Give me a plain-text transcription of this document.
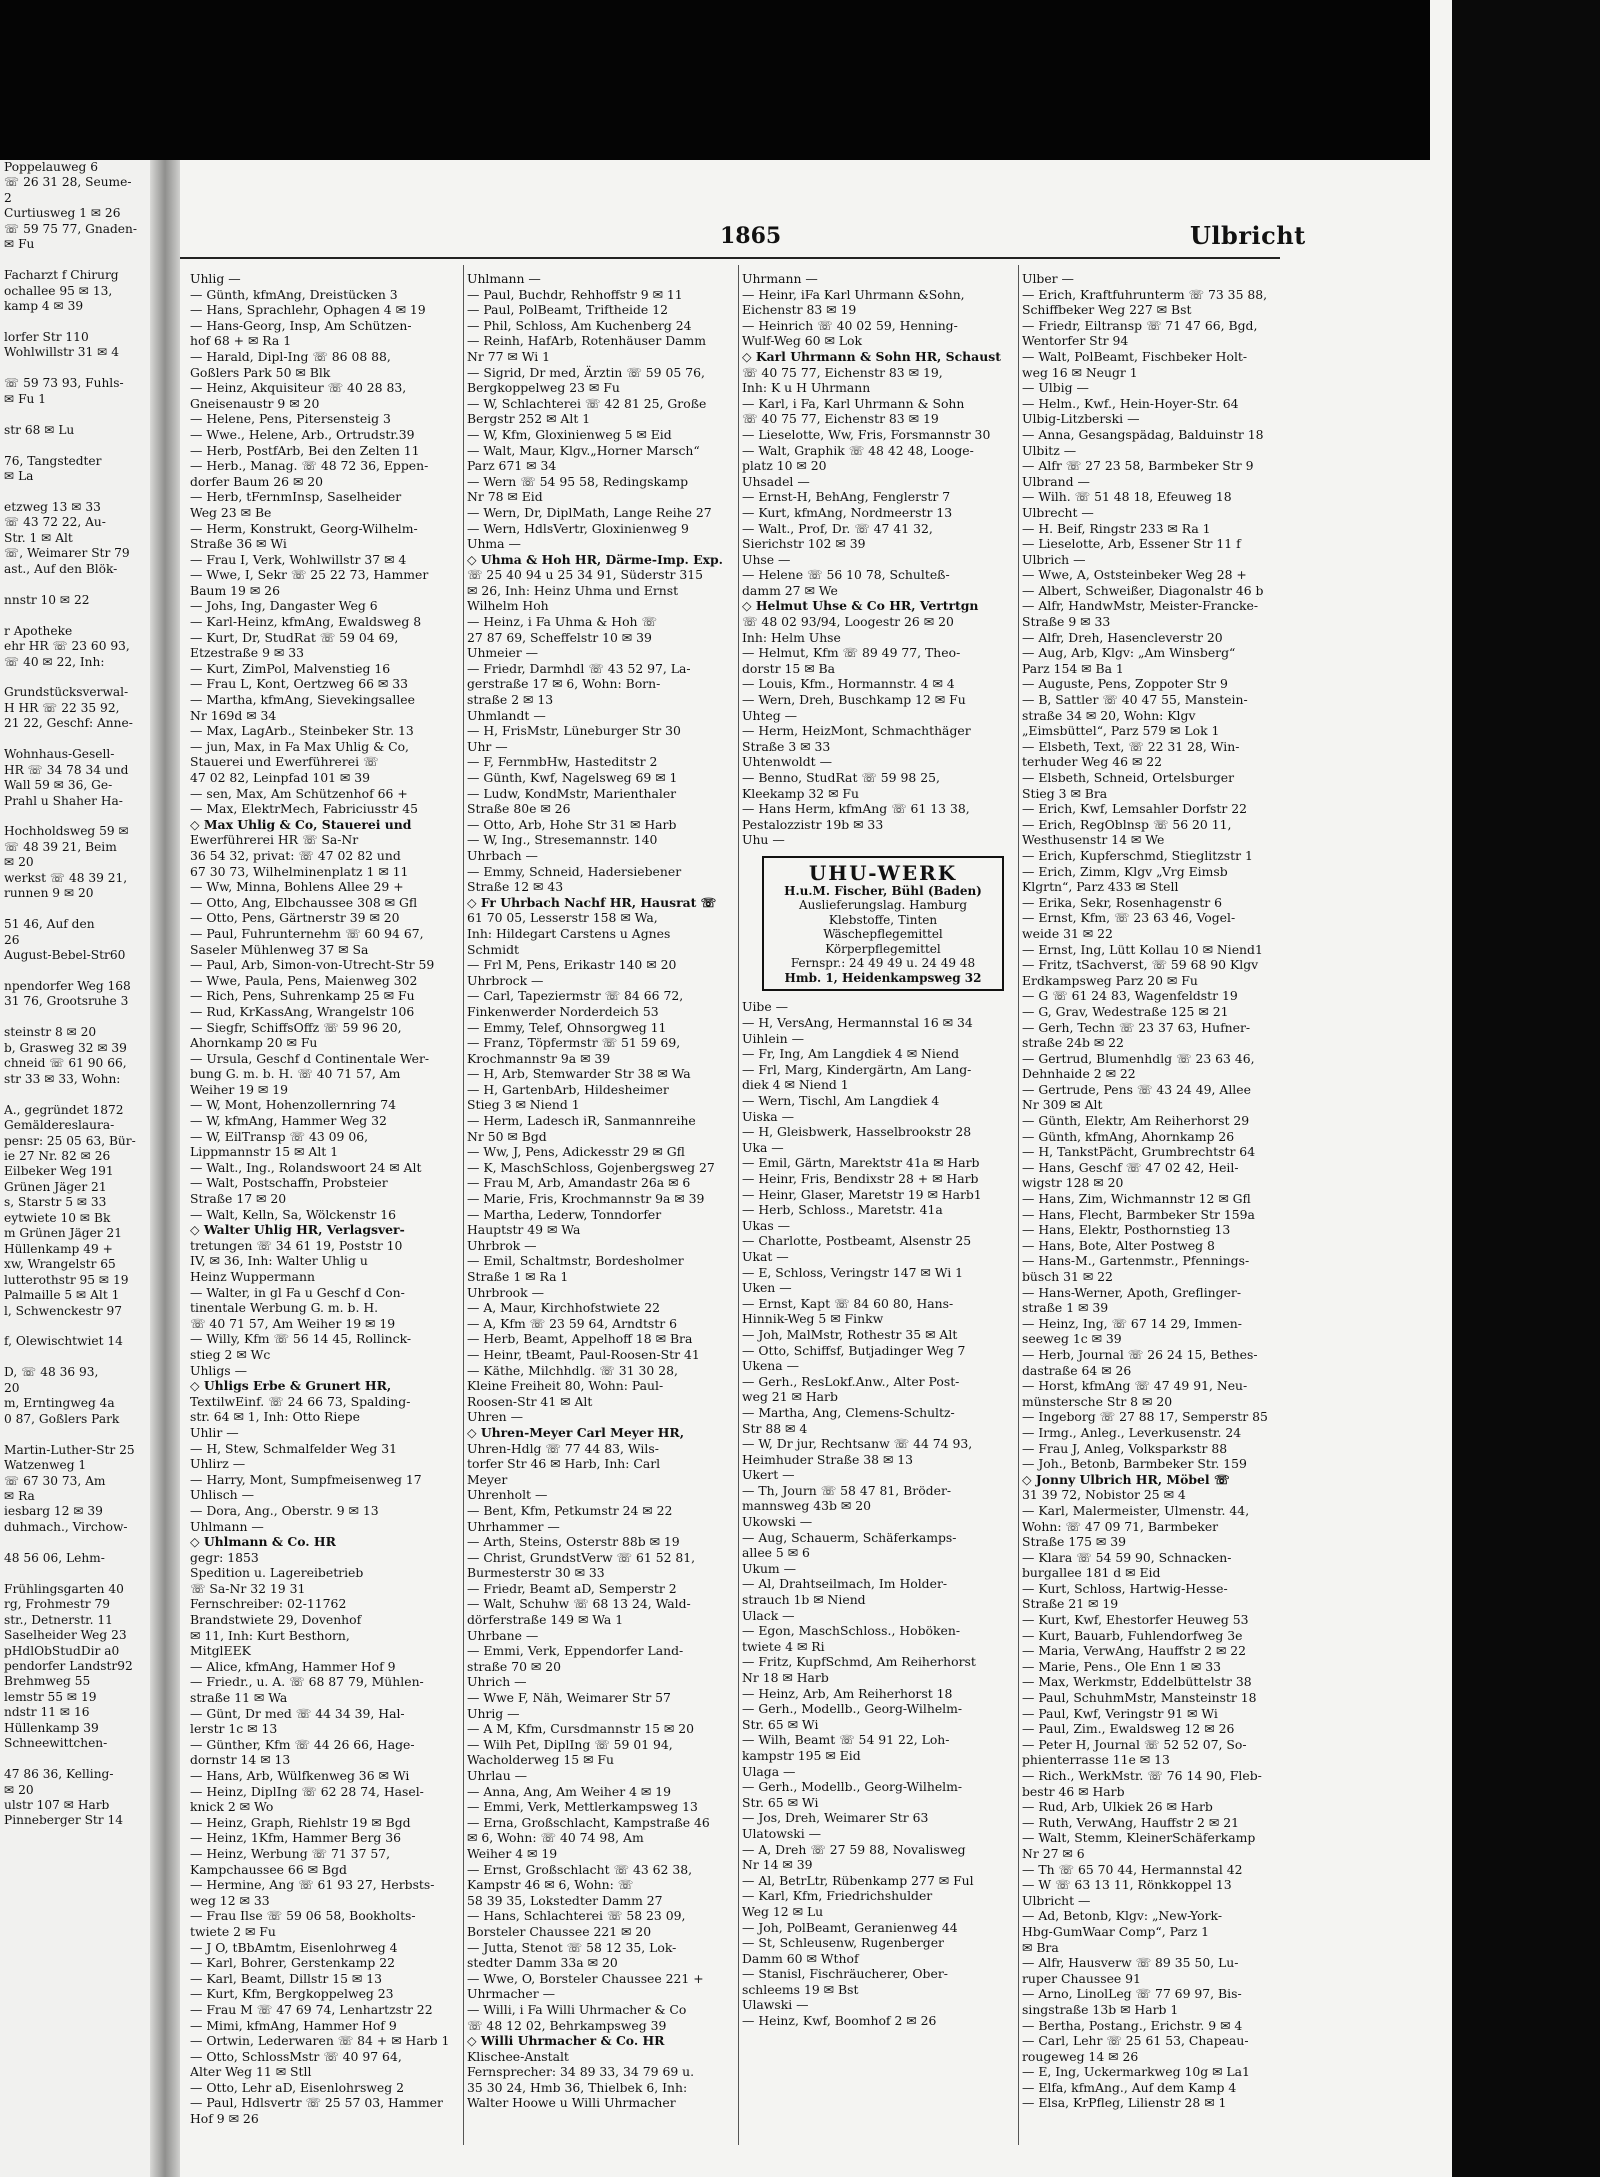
Poppelauweg 6
☏ 26 31 28, Seume-
2
Curtiusweg 1 ✉ 26
☏ 59 75 77, Gnaden-
✉ Fu

Facharzt f Chirurg
ochallee 95 ✉ 13,
kamp 4 ✉ 39

lorfer Str 110
Wohlwillstr 31 ✉ 4

☏ 59 73 93, Fuhls-
✉ Fu 1

str 68 ✉ Lu

76, Tangstedter
✉ La

etzweg 13 ✉ 33
☏ 43 72 22, Au-
Str. 1 ✉ Alt
☏, Weimarer Str 79
ast., Auf den Blök-

nnstr 10 ✉ 22

r Apotheke
ehr HR ☏ 23 60 93,
☏ 40 ✉ 22, Inh:

Grundstücksverwal-
H HR ☏ 22 35 92,
21 22, Geschf: Anne-

Wohnhaus-Gesell-
HR ☏ 34 78 34 und
Wall 59 ✉ 36, Ge-
Prahl u Shaher Ha-

Hochholdsweg 59 ✉
☏ 48 39 21, Beim
✉ 20
werkst ☏ 48 39 21,
runnen 9 ✉ 20

51 46, Auf den
26
August-Bebel-Str60

npendorfer Weg 168
31 76, Grootsruhe 3

steinstr 8 ✉ 20
b, Grasweg 32 ✉ 39
chneid ☏ 61 90 66,
str 33 ✉ 33, Wohn:

A., gegründet 1872
Gemäldereslaura-
pensr: 25 05 63, Bür-
ie 27 Nr. 82 ✉ 26
Eilbeker Weg 191
Grünen Jäger 21
s, Starstr 5 ✉ 33
eytwiete 10 ✉ Bk
m Grünen Jäger 21
Hüllenkamp 49 +
xw, Wrangelstr 65
lutterothstr 95 ✉ 19
Palmaille 5 ✉ Alt 1
l, Schwenckestr 97

f, Olewischtwiet 14

D, ☏ 48 36 93,
20
m, Erntingweg 4a
0 87, Goßlers Park

Martin-Luther-Str 25
Watzenweg 1
☏ 67 30 73, Am
✉ Ra
iesbarg 12 ✉ 39
duhmach., Virchow-

48 56 06, Lehm-

Frühlingsgarten 40
rg, Frohmestr 79
str., Detnerstr. 11
Saselheider Weg 23
pHdlObStudDir a0
pendorfer Landstr92
Brehmweg 55
lemstr 55 ✉ 19
ndstr 11 ✉ 16
Hüllenkamp 39
Schneewittchen-

47 86 36, Kelling-
✉ 20
ulstr 107 ✉ Harb
Pinneberger Str 14
1865	Ulbricht
Uhlig —
— Günth, kfmAng, Dreistücken 3
— Hans, Sprachlehr, Ophagen 4 ✉ 19
— Hans-Georg, Insp, Am Schützen-
hof 68 + ✉ Ra 1
— Harald, Dipl-Ing ☏ 86 08 88,
Goßlers Park 50 ✉ Blk
— Heinz, Akquisiteur ☏ 40 28 83,
Gneisenaustr 9 ✉ 20
— Helene, Pens, Pitersensteig 3
— Wwe., Helene, Arb., Ortrudstr.39
— Herb, PostfArb, Bei den Zelten 11
— Herb., Manag. ☏ 48 72 36, Eppen-
dorfer Baum 26 ✉ 20
— Herb, tFernmInsp, Saselheider
Weg 23 ✉ Be
— Herm, Konstrukt, Georg-Wilhelm-
Straße 36 ✉ Wi
— Frau I, Verk, Wohlwillstr 37 ✉ 4
— Wwe, I, Sekr ☏ 25 22 73, Hammer
Baum 19 ✉ 26
— Johs, Ing, Dangaster Weg 6
— Karl-Heinz, kfmAng, Ewaldsweg 8
— Kurt, Dr, StudRat ☏ 59 04 69,
Etzestraße 9 ✉ 33
— Kurt, ZimPol, Malvenstieg 16
— Frau L, Kont, Oertzweg 66 ✉ 33
— Martha, kfmAng, Sievekingsallee
Nr 169d ✉ 34
— Max, LagArb., Steinbeker Str. 13
— jun, Max, in Fa Max Uhlig & Co,
Stauerei und Ewerführerei ☏
47 02 82, Leinpfad 101 ✉ 39
— sen, Max, Am Schützenhof 66 +
— Max, ElektrMech, Fabriciusstr 45
◇ Max Uhlig & Co, Stauerei und
Ewerführerei HR ☏ Sa-Nr
36 54 32, privat: ☏ 47 02 82 und
67 30 73, Wilhelminenplatz 1 ✉ 11
— Ww, Minna, Bohlens Allee 29 +
— Otto, Ang, Elbchaussee 308 ✉ Gfl
— Otto, Pens, Gärtnerstr 39 ✉ 20
— Paul, Fuhrunternehm ☏ 60 94 67,
Saseler Mühlenweg 37 ✉ Sa
— Paul, Arb, Simon-von-Utrecht-Str 59
— Wwe, Paula, Pens, Maienweg 302
— Rich, Pens, Suhrenkamp 25 ✉ Fu
— Rud, KrKassAng, Wrangelstr 106
— Siegfr, SchiffsOffz ☏ 59 96 20,
Ahornkamp 20 ✉ Fu
— Ursula, Geschf d Continentale Wer-
bung G. m. b. H. ☏ 40 71 57, Am
Weiher 19 ✉ 19
— W, Mont, Hohenzollernring 74
— W, kfmAng, Hammer Weg 32
— W, EilTransp ☏ 43 09 06,
Lippmannstr 15 ✉ Alt 1
— Walt., Ing., Rolandswoort 24 ✉ Alt
— Walt, Postschaffn, Probsteier
Straße 17 ✉ 20
— Walt, Kelln, Sa, Wölckenstr 16
◇ Walter Uhlig HR, Verlagsver-
tretungen ☏ 34 61 19, Poststr 10
IV, ✉ 36, Inh: Walter Uhlig u
Heinz Wuppermann
— Walter, in gl Fa u Geschf d Con-
tinentale Werbung G. m. b. H.
☏ 40 71 57, Am Weiher 19 ✉ 19
— Willy, Kfm ☏ 56 14 45, Rollinck-
stieg 2 ✉ Wc
Uhligs —
◇ Uhligs Erbe & Grunert HR,
TextilwEinf. ☏ 24 66 73, Spalding-
str. 64 ✉ 1, Inh: Otto Riepe
Uhlir —
— H, Stew, Schmalfelder Weg 31
Uhlirz —
— Harry, Mont, Sumpfmeisenweg 17
Uhlisch —
— Dora, Ang., Oberstr. 9 ✉ 13
Uhlmann —
◇ Uhlmann & Co. HR
gegr: 1853
Spedition u. Lagereibetrieb
☏ Sa-Nr 32 19 31
Fernschreiber: 02-11762
Brandstwiete 29, Dovenhof
✉ 11, Inh: Kurt Besthorn,
MitglEEK
— Alice, kfmAng, Hammer Hof 9
— Friedr., u. A. ☏ 68 87 79, Mühlen-
straße 11 ✉ Wa
— Günt, Dr med ☏ 44 34 39, Hal-
lerstr 1c ✉ 13
— Günther, Kfm ☏ 44 26 66, Hage-
dornstr 14 ✉ 13
— Hans, Arb, Wülfkenweg 36 ✉ Wi
— Heinz, DiplIng ☏ 62 28 74, Hasel-
knick 2 ✉ Wo
— Heinz, Graph, Riehlstr 19 ✉ Bgd
— Heinz, 1Kfm, Hammer Berg 36
— Heinz, Werbung ☏ 71 37 57,
Kampchaussee 66 ✉ Bgd
— Hermine, Ang ☏ 61 93 27, Herbsts-
weg 12 ✉ 33
— Frau Ilse ☏ 59 06 58, Bookholts-
twiete 2 ✉ Fu
— J O, tBbAmtm, Eisenlohrweg 4
— Karl, Bohrer, Gerstenkamp 22
— Karl, Beamt, Dillstr 15 ✉ 13
— Kurt, Kfm, Bergkoppelweg 23
— Frau M ☏ 47 69 74, Lenhartzstr 22
— Mimi, kfmAng, Hammer Hof 9
— Ortwin, Lederwaren ☏ 84 + ✉ Harb 1
— Otto, SchlossMstr ☏ 40 97 64,
Alter Weg 11 ✉ Stll
— Otto, Lehr aD, Eisenlohrsweg 2
— Paul, Hdlsvertr ☏ 25 57 03, Hammer
Hof 9 ✉ 26
Uhlmann —
— Paul, Buchdr, Rehhoffstr 9 ✉ 11
— Paul, PolBeamt, Triftheide 12
— Phil, Schloss, Am Kuchenberg 24
— Reinh, HafArb, Rotenhäuser Damm
Nr 77 ✉ Wi 1
— Sigrid, Dr med, Ärztin ☏ 59 05 76,
Bergkoppelweg 23 ✉ Fu
— W, Schlachterei ☏ 42 81 25, Große
Bergstr 252 ✉ Alt 1
— W, Kfm, Gloxinienweg 5 ✉ Eid
— Walt, Maur, Klgv.„Horner Marsch“
Parz 671 ✉ 34
— Wern ☏ 54 95 58, Redingskamp
Nr 78 ✉ Eid
— Wern, Dr, DiplMath, Lange Reihe 27
— Wern, HdlsVertr, Gloxinienweg 9
Uhma —
◇ Uhma & Hoh HR, Därme-Imp. Exp.
☏ 25 40 94 u 25 34 91, Süderstr 315
✉ 26, Inh: Heinz Uhma und Ernst
Wilhelm Hoh
— Heinz, i Fa Uhma & Hoh ☏
27 87 69, Scheffelstr 10 ✉ 39
Uhmeier —
— Friedr, Darmhdl ☏ 43 52 97, La-
gerstraße 17 ✉ 6, Wohn: Born-
straße 2 ✉ 13
Uhmlandt —
— H, FrisMstr, Lüneburger Str 30
Uhr —
— F, FernmbHw, Hasteditstr 2
— Günth, Kwf, Nagelsweg 69 ✉ 1
— Ludw, KondMstr, Marienthaler
Straße 80e ✉ 26
— Otto, Arb, Hohe Str 31 ✉ Harb
— W, Ing., Stresemannstr. 140
Uhrbach —
— Emmy, Schneid, Hadersiebener
Straße 12 ✉ 43
◇ Fr Uhrbach Nachf HR, Hausrat ☏
61 70 05, Lesserstr 158 ✉ Wa,
Inh: Hildegart Carstens u Agnes
Schmidt
— Frl M, Pens, Erikastr 140 ✉ 20
Uhrbrock —
— Carl, Tapeziermstr ☏ 84 66 72,
Finkenwerder Norderdeich 53
— Emmy, Telef, Ohnsorgweg 11
— Franz, Töpfermstr ☏ 51 59 69,
Krochmannstr 9a ✉ 39
— H, Arb, Stemwarder Str 38 ✉ Wa
— H, GartenbArb, Hildesheimer
Stieg 3 ✉ Niend 1
— Herm, Ladesch iR, Sanmannreihe
Nr 50 ✉ Bgd
— Ww, J, Pens, Adickesstr 29 ✉ Gfl
— K, MaschSchloss, Gojenbergsweg 27
— Frau M, Arb, Amandastr 26a ✉ 6
— Marie, Fris, Krochmannstr 9a ✉ 39
— Martha, Lederw, Tonndorfer
Hauptstr 49 ✉ Wa
Uhrbrok —
— Emil, Schaltmstr, Bordesholmer
Straße 1 ✉ Ra 1
Uhrbrook —
— A, Maur, Kirchhofstwiete 22
— A, Kfm ☏ 23 59 64, Arndtstr 6
— Herb, Beamt, Appelhoff 18 ✉ Bra
— Heinr, tBeamt, Paul-Roosen-Str 41
— Käthe, Milchhdlg. ☏ 31 30 28,
Kleine Freiheit 80, Wohn: Paul-
Roosen-Str 41 ✉ Alt
Uhren —
◇ Uhren-Meyer Carl Meyer HR,
Uhren-Hdlg ☏ 77 44 83, Wils-
torfer Str 46 ✉ Harb, Inh: Carl
Meyer
Uhrenholt —
— Bent, Kfm, Petkumstr 24 ✉ 22
Uhrhammer —
— Arth, Steins, Osterstr 88b ✉ 19
— Christ, GrundstVerw ☏ 61 52 81,
Burmesterstr 30 ✉ 33
— Friedr, Beamt aD, Semperstr 2
— Walt, Schuhw ☏ 68 13 24, Wald-
dörferstraße 149 ✉ Wa 1
Uhrbane —
— Emmi, Verk, Eppendorfer Land-
straße 70 ✉ 20
Uhrich —
— Wwe F, Näh, Weimarer Str 57
Uhrig —
— A M, Kfm, Cursdmannstr 15 ✉ 20
— Wilh Pet, DiplIng ☏ 59 01 94,
Wacholderweg 15 ✉ Fu
Uhrlau —
— Anna, Ang, Am Weiher 4 ✉ 19
— Emmi, Verk, Mettlerkampsweg 13
— Erna, Großschlacht, Kampstraße 46
✉ 6, Wohn: ☏ 40 74 98, Am
Weiher 4 ✉ 19
— Ernst, Großschlacht ☏ 43 62 38,
Kampstr 46 ✉ 6, Wohn: ☏
58 39 35, Lokstedter Damm 27
— Hans, Schlachterei ☏ 58 23 09,
Borsteler Chaussee 221 ✉ 20
— Jutta, Stenot ☏ 58 12 35, Lok-
stedter Damm 33a ✉ 20
— Wwe, O, Borsteler Chaussee 221 +
Uhrmacher —
— Willi, i Fa Willi Uhrmacher & Co
☏ 48 12 02, Behrkampsweg 39
◇ Willi Uhrmacher & Co. HR
Klischee-Anstalt
Fernsprecher: 34 89 33, 34 79 69 u.
35 30 24, Hmb 36, Thielbek 6, Inh:
Walter Hoowe u Willi Uhrmacher
Uhrmann —
— Heinr, iFa Karl Uhrmann &Sohn,
Eichenstr 83 ✉ 19
— Heinrich ☏ 40 02 59, Henning-
Wulf-Weg 60 ✉ Lok
◇ Karl Uhrmann & Sohn HR, Schaust
☏ 40 75 77, Eichenstr 83 ✉ 19,
Inh: K u H Uhrmann
— Karl, i Fa, Karl Uhrmann & Sohn
☏ 40 75 77, Eichenstr 83 ✉ 19
— Lieselotte, Ww, Fris, Forsmannstr 30
— Walt, Graphik ☏ 48 42 48, Looge-
platz 10 ✉ 20
Uhsadel —
— Ernst-H, BehAng, Fenglerstr 7
— Kurt, kfmAng, Nordmeerstr 13
— Walt., Prof, Dr. ☏ 47 41 32,
Sierichstr 102 ✉ 39
Uhse —
— Helene ☏ 56 10 78, Schulteß-
damm 27 ✉ We
◇ Helmut Uhse & Co HR, Vertrtgn
☏ 48 02 93/94, Loogestr 26 ✉ 20
Inh: Helm Uhse
— Helmut, Kfm ☏ 89 49 77, Theo-
dorstr 15 ✉ Ba
— Louis, Kfm., Hormannstr. 4 ✉ 4
— Wern, Dreh, Buschkamp 12 ✉ Fu
Uhteg —
— Herm, HeizMont, Schmachthäger
Straße 3 ✉ 33
Uhtenwoldt —
— Benno, StudRat ☏ 59 98 25,
Kleekamp 32 ✉ Fu
— Hans Herm, kfmAng ☏ 61 13 38,
Pestalozzistr 19b ✉ 33
Uhu —
UHU-WERK
H.u.M. Fischer, Bühl (Baden)
Auslieferungslag. Hamburg
Klebstoffe, Tinten
Wäschepflegemittel
Körperpflegemittel
Fernspr.: 24 49 49 u. 24 49 48
Hmb. 1, Heidenkampsweg 32
Uibe —
— H, VersAng, Hermannstal 16 ✉ 34
Uihlein —
— Fr, Ing, Am Langdiek 4 ✉ Niend
— Frl, Marg, Kindergärtn, Am Lang-
diek 4 ✉ Niend 1
— Wern, Tischl, Am Langdiek 4
Uiska —
— H, Gleisbwerk, Hasselbrookstr 28
Uka —
— Emil, Gärtn, Marektstr 41a ✉ Harb
— Heinr, Fris, Bendixstr 28 + ✉ Harb
— Heinr, Glaser, Maretstr 19 ✉ Harb1
— Herb, Schloss., Maretstr. 41a
Ukas —
— Charlotte, Postbeamt, Alsenstr 25
Ukat —
— E, Schloss, Veringstr 147 ✉ Wi 1
Uken —
— Ernst, Kapt ☏ 84 60 80, Hans-
Hinnik-Weg 5 ✉ Finkw
— Joh, MalMstr, Rothestr 35 ✉ Alt
— Otto, Schiffsf, Butjadinger Weg 7
Ukena —
— Gerh., ResLokf.Anw., Alter Post-
weg 21 ✉ Harb
— Martha, Ang, Clemens-Schultz-
Str 88 ✉ 4
— W, Dr jur, Rechtsanw ☏ 44 74 93,
Heimhuder Straße 38 ✉ 13
Ukert —
— Th, Journ ☏ 58 47 81, Bröder-
mannsweg 43b ✉ 20
Ukowski —
— Aug, Schauerm, Schäferkamps-
allee 5 ✉ 6
Ukum —
— Al, Drahtseilmach, Im Holder-
strauch 1b ✉ Niend
Ulack —
— Egon, MaschSchloss., Hoböken-
twiete 4 ✉ Ri
— Fritz, KupfSchmd, Am Reiherhorst
Nr 18 ✉ Harb
— Heinz, Arb, Am Reiherhorst 18
— Gerh., Modellb., Georg-Wilhelm-
Str. 65 ✉ Wi
— Wilh, Beamt ☏ 54 91 22, Loh-
kampstr 195 ✉ Eid
Ulaga —
— Gerh., Modellb., Georg-Wilhelm-
Str. 65 ✉ Wi
— Jos, Dreh, Weimarer Str 63
Ulatowski —
— A, Dreh ☏ 27 59 88, Novalisweg
Nr 14 ✉ 39
— Al, BetrLtr, Rübenkamp 277 ✉ Ful
— Karl, Kfm, Friedrichshulder
Weg 12 ✉ Lu
— Joh, PolBeamt, Geranienweg 44
— St, Schleusenw, Rugenberger
Damm 60 ✉ Wthof
— Stanisl, Fischräucherer, Ober-
schleems 19 ✉ Bst
Ulawski —
— Heinz, Kwf, Boomhof 2 ✉ 26
Ulber —
— Erich, Kraftfuhrunterm ☏ 73 35 88,
Schiffbeker Weg 227 ✉ Bst
— Friedr, Eiltransp ☏ 71 47 66, Bgd,
Wentorfer Str 94
— Walt, PolBeamt, Fischbeker Holt-
weg 16 ✉ Neugr 1
— Ulbig —
— Helm., Kwf., Hein-Hoyer-Str. 64
Ulbig-Litzberski —
— Anna, Gesangspädag, Balduinstr 18
Ulbitz —
— Alfr ☏ 27 23 58, Barmbeker Str 9
Ulbrand —
— Wilh. ☏ 51 48 18, Efeuweg 18
Ulbrecht —
— H. Beif, Ringstr 233 ✉ Ra 1
— Lieselotte, Arb, Essener Str 11 f
Ulbrich —
— Wwe, A, Oststeinbeker Weg 28 +
— Albert, Schweißer, Diagonalstr 46 b
— Alfr, HandwMstr, Meister-Francke-
Straße 9 ✉ 33
— Alfr, Dreh, Hasencleverstr 20
— Aug, Arb, Klgv: „Am Winsberg“
Parz 154 ✉ Ba 1
— Auguste, Pens, Zoppoter Str 9
— B, Sattler ☏ 40 47 55, Manstein-
straße 34 ✉ 20, Wohn: Klgv
„Eimsbüttel“, Parz 579 ✉ Lok 1
— Elsbeth, Text, ☏ 22 31 28, Win-
terhuder Weg 46 ✉ 22
— Elsbeth, Schneid, Ortelsburger
Stieg 3 ✉ Bra
— Erich, Kwf, Lemsahler Dorfstr 22
— Erich, RegOblnsp ☏ 56 20 11,
Westhusenstr 14 ✉ We
— Erich, Kupferschmd, Stieglitzstr 1
— Erich, Zimm, Klgv „Vrg Eimsb
Klgrtn“, Parz 433 ✉ Stell
— Erika, Sekr, Rosenhagenstr 6
— Ernst, Kfm, ☏ 23 63 46, Vogel-
weide 31 ✉ 22
— Ernst, Ing, Lütt Kollau 10 ✉ Niend1
— Fritz, tSachverst, ☏ 59 68 90 Klgv
Erdkampsweg Parz 20 ✉ Fu
— G ☏ 61 24 83, Wagenfeldstr 19
— G, Grav, Wedestraße 125 ✉ 21
— Gerh, Techn ☏ 23 37 63, Hufner-
straße 24b ✉ 22
— Gertrud, Blumenhdlg ☏ 23 63 46,
Dehnhaide 2 ✉ 22
— Gertrude, Pens ☏ 43 24 49, Allee
Nr 309 ✉ Alt
— Günth, Elektr, Am Reiherhorst 29
— Günth, kfmAng, Ahornkamp 26
— H, TankstPächt, Grumbrechtstr 64
— Hans, Geschf ☏ 47 02 42, Heil-
wigstr 128 ✉ 20
— Hans, Zim, Wichmannstr 12 ✉ Gfl
— Hans, Flecht, Barmbeker Str 159a
— Hans, Elektr, Posthornstieg 13
— Hans, Bote, Alter Postweg 8
— Hans-M., Gartenmstr., Pfennings-
büsch 31 ✉ 22
— Hans-Werner, Apoth, Greflinger-
straße 1 ✉ 39
— Heinz, Ing, ☏ 67 14 29, Immen-
seeweg 1c ✉ 39
— Herb, Journal ☏ 26 24 15, Bethes-
dastraße 64 ✉ 26
— Horst, kfmAng ☏ 47 49 91, Neu-
münstersche Str 8 ✉ 20
— Ingeborg ☏ 27 88 17, Semperstr 85
— Irmg., Anleg., Leverkusenstr. 24
— Frau J, Anleg, Volksparkstr 88
— Joh., Betonb, Barmbeker Str. 159
◇ Jonny Ulbrich HR, Möbel ☏
31 39 72, Nobistor 25 ✉ 4
— Karl, Malermeister, Ulmenstr. 44,
Wohn: ☏ 47 09 71, Barmbeker
Straße 175 ✉ 39
— Klara ☏ 54 59 90, Schnacken-
burgallee 181 d ✉ Eid
— Kurt, Schloss, Hartwig-Hesse-
Straße 21 ✉ 19
— Kurt, Kwf, Ehestorfer Heuweg 53
— Kurt, Bauarb, Fuhlendorfweg 3e
— Maria, VerwAng, Hauffstr 2 ✉ 22
— Marie, Pens., Ole Enn 1 ✉ 33
— Max, Werkmstr, Eddelbüttelstr 38
— Paul, SchuhmMstr, Mansteinstr 18
— Paul, Kwf, Veringstr 91 ✉ Wi
— Paul, Zim., Ewaldsweg 12 ✉ 26
— Peter H, Journal ☏ 52 52 07, So-
phienterrasse 11e ✉ 13
— Rich., WerkMstr. ☏ 76 14 90, Fleb-
bestr 46 ✉ Harb
— Rud, Arb, Ulkiek 26 ✉ Harb
— Ruth, VerwAng, Hauffstr 2 ✉ 21
— Walt, Stemm, KleinerSchäferkamp
Nr 27 ✉ 6
— Th ☏ 65 70 44, Hermannstal 42
— W ☏ 63 13 11, Rönkkoppel 13
Ulbricht —
— Ad, Betonb, Klgv: „New-York-
Hbg-GumWaar Comp“, Parz 1
✉ Bra
— Alfr, Hausverw ☏ 89 35 50, Lu-
ruper Chaussee 91
— Arno, LinolLeg ☏ 77 69 97, Bis-
singstraße 13b ✉ Harb 1
— Bertha, Postang., Erichstr. 9 ✉ 4
— Carl, Lehr ☏ 25 61 53, Chapeau-
rougeweg 14 ✉ 26
— E, Ing, Uckermarkweg 10g ✉ La1
— Elfa, kfmAng., Auf dem Kamp 4
— Elsa, KrPfleg, Lilienstr 28 ✉ 1
